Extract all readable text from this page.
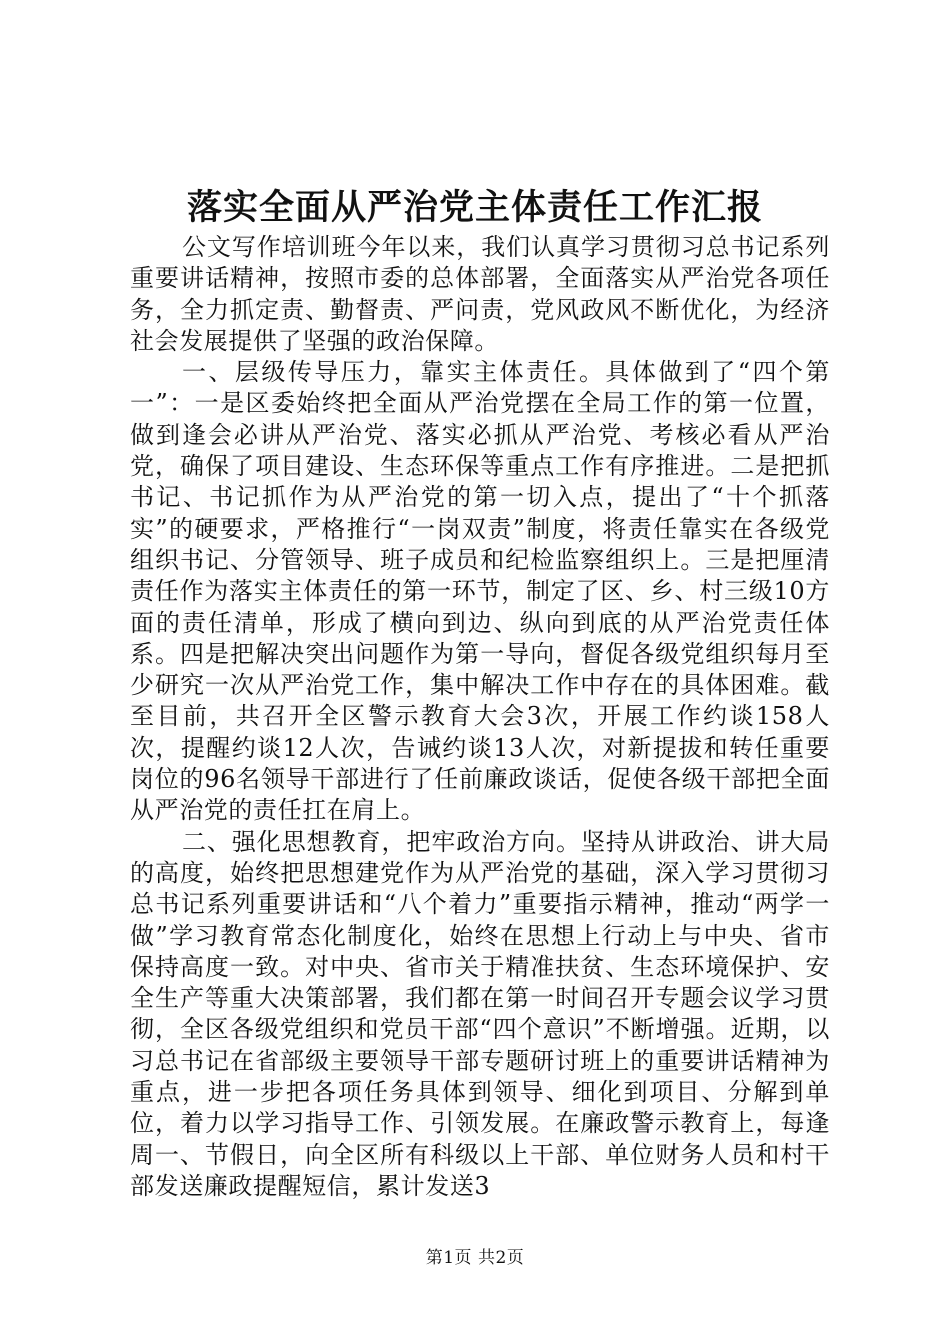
落实全面从严治党主体责任工作汇报

公文写作培训班今年以来，我们认真学习贯彻习总书记系列重要讲话精神，按照市委的总体部署，全面落实从严治党各项任务，全力抓定责、勤督责、严问责，党风政风不断优化，为经济社会发展提供了坚强的政治保障。

一、层级传导压力，靠实主体责任。具体做到了“四个第一”：一是区委始终把全面从严治党摆在全局工作的第一位置，做到逢会必讲从严治党、落实必抓从严治党、考核必看从严治党，确保了项目建设、生态环保等重点工作有序推进。二是把抓书记、书记抓作为从严治党的第一切入点，提出了“十个抓落实”的硬要求，严格推行“一岗双责”制度，将责任靠实在各级党组织书记、分管领导、班子成员和纪检监察组织上。三是把厘清责任作为落实主体责任的第一环节，制定了区、乡、村三级10方面的责任清单，形成了横向到边、纵向到底的从严治党责任体系。四是把解决突出问题作为第一导向，督促各级党组织每月至少研究一次从严治党工作，集中解决工作中存在的具体困难。截至目前，共召开全区警示教育大会3次，开展工作约谈158人次，提醒约谈12人次，告诫约谈13人次，对新提拔和转任重要岗位的96名领导干部进行了任前廉政谈话，促使各级干部把全面从严治党的责任扛在肩上。

二、强化思想教育，把牢政治方向。坚持从讲政治、讲大局的高度，始终把思想建党作为从严治党的基础，深入学习贯彻习总书记系列重要讲话和“八个着力”重要指示精神，推动“两学一做”学习教育常态化制度化，始终在思想上行动上与中央、省市保持高度一致。对中央、省市关于精准扶贫、生态环境保护、安全生产等重大决策部署，我们都在第一时间召开专题会议学习贯彻，全区各级党组织和党员干部“四个意识”不断增强。近期，以习总书记在省部级主要领导干部专题研讨班上的重要讲话精神为重点，进一步把各项任务具体到领导、细化到项目、分解到单位，着力以学习指导工作、引领发展。在廉政警示教育上，每逢周一、节假日，向全区所有科级以上干部、单位财务人员和村干部发送廉政提醒短信，累计发送3

第1页 共2页
